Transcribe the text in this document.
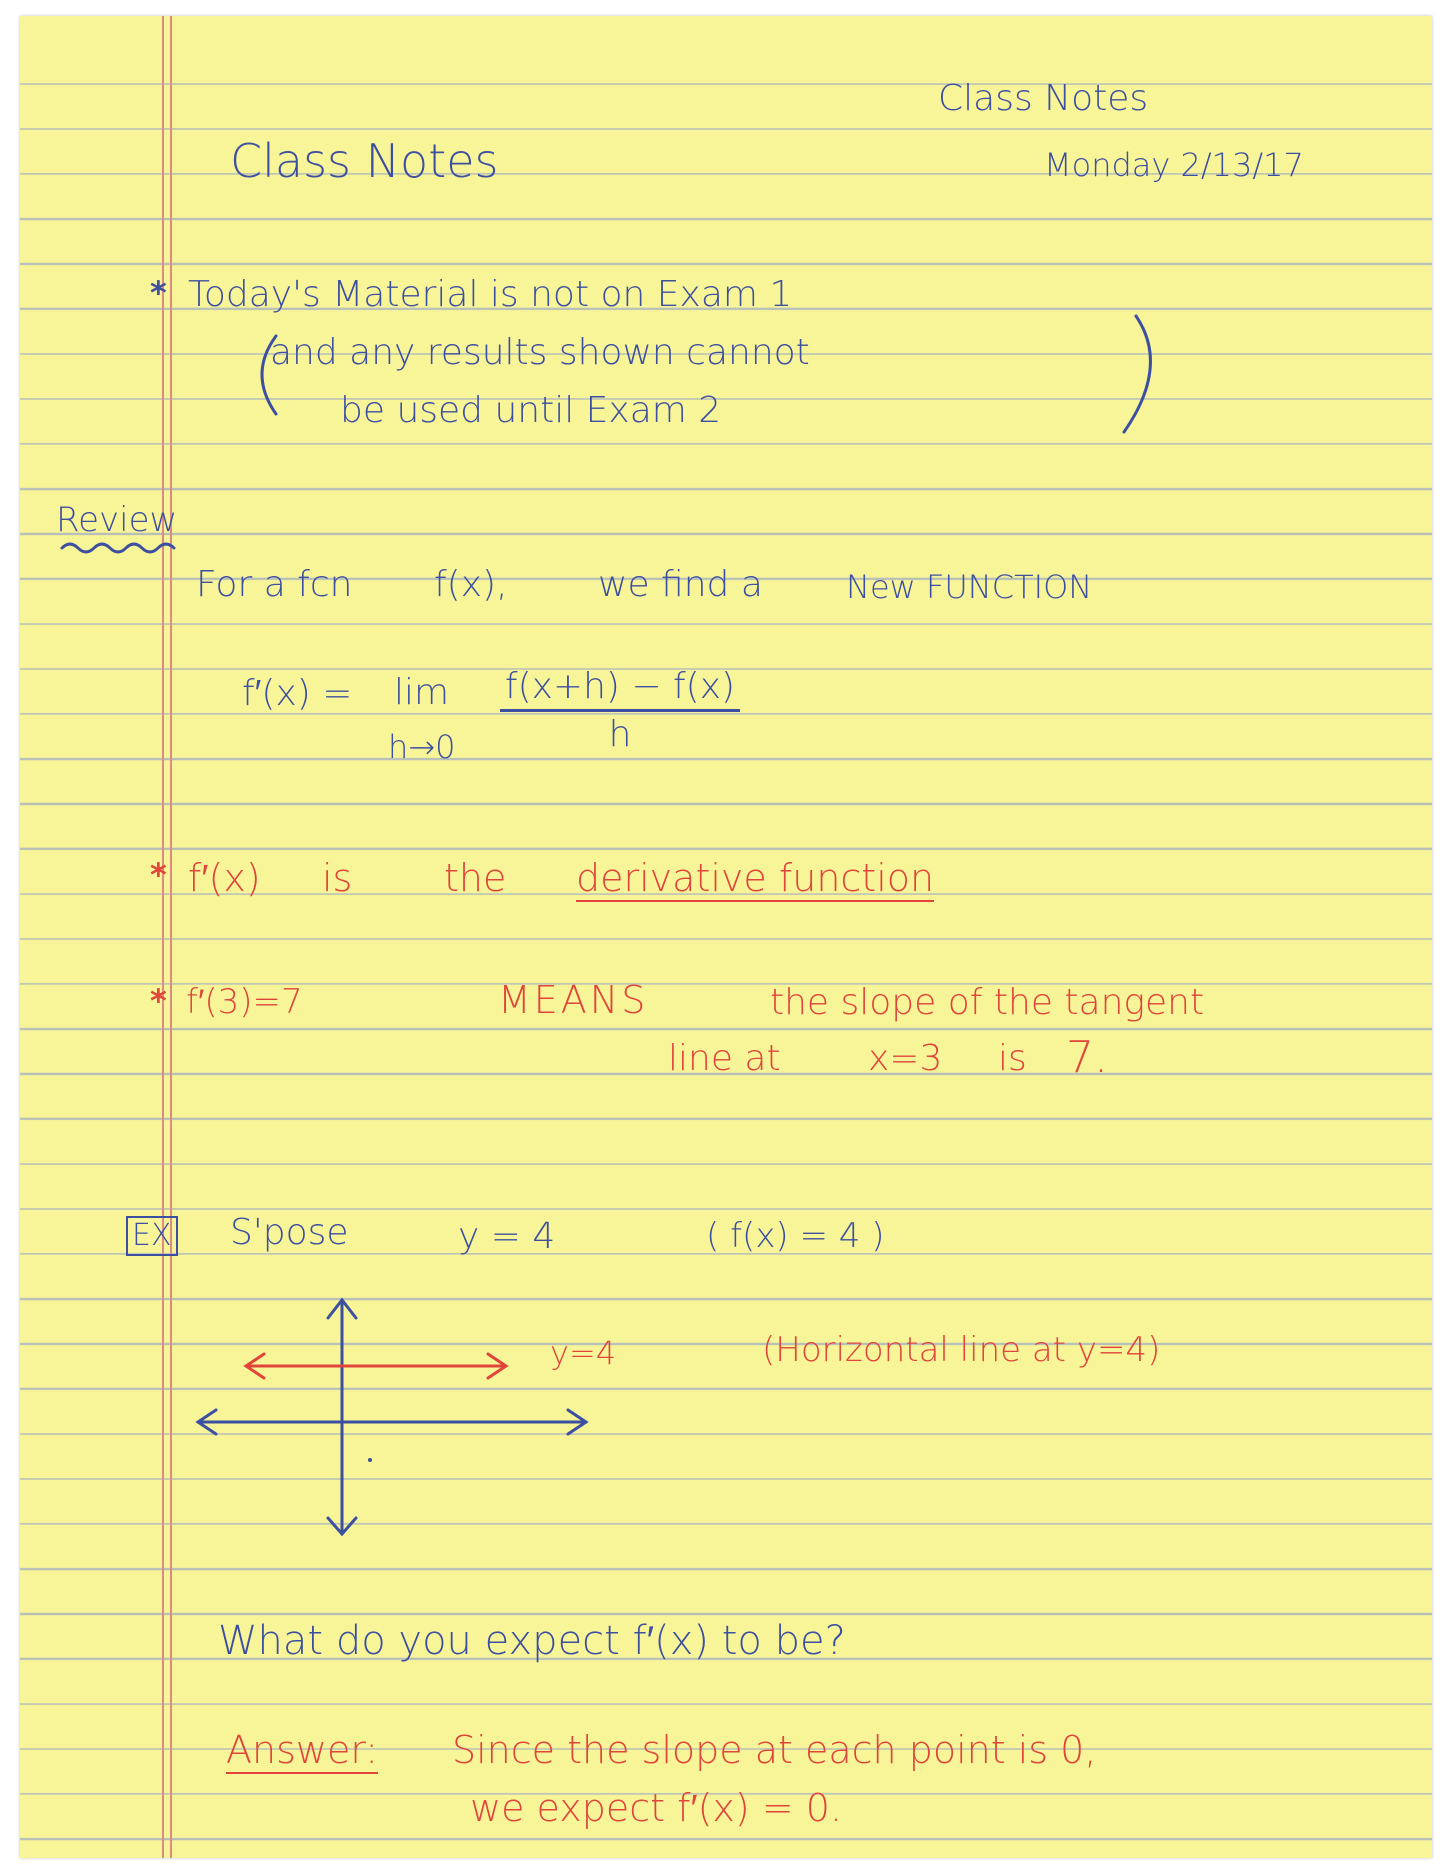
Class Notes
Class Notes	Monday 2/13/17
* Today's Material is not on Exam 1
and any results shown cannot
be used until Exam 2
Review
For a fcn f(x),	we find a	New FUNCTION
f′(x) = lim
$h\to 0 \frac{f(x+h) - f(x)}{h}$
* f′(x) is the derivative function
* f′(3)=7	MEANS	the slope of the tangent
line at x=3 is 7.
EX S'pose	y = 4	( f(x) = 4 )
y=4	(Horizontal line at y=4)
What do you expect f′(x) to be?
Answer: Since the slope at each point is 0,
we expect f′(x) = 0.
